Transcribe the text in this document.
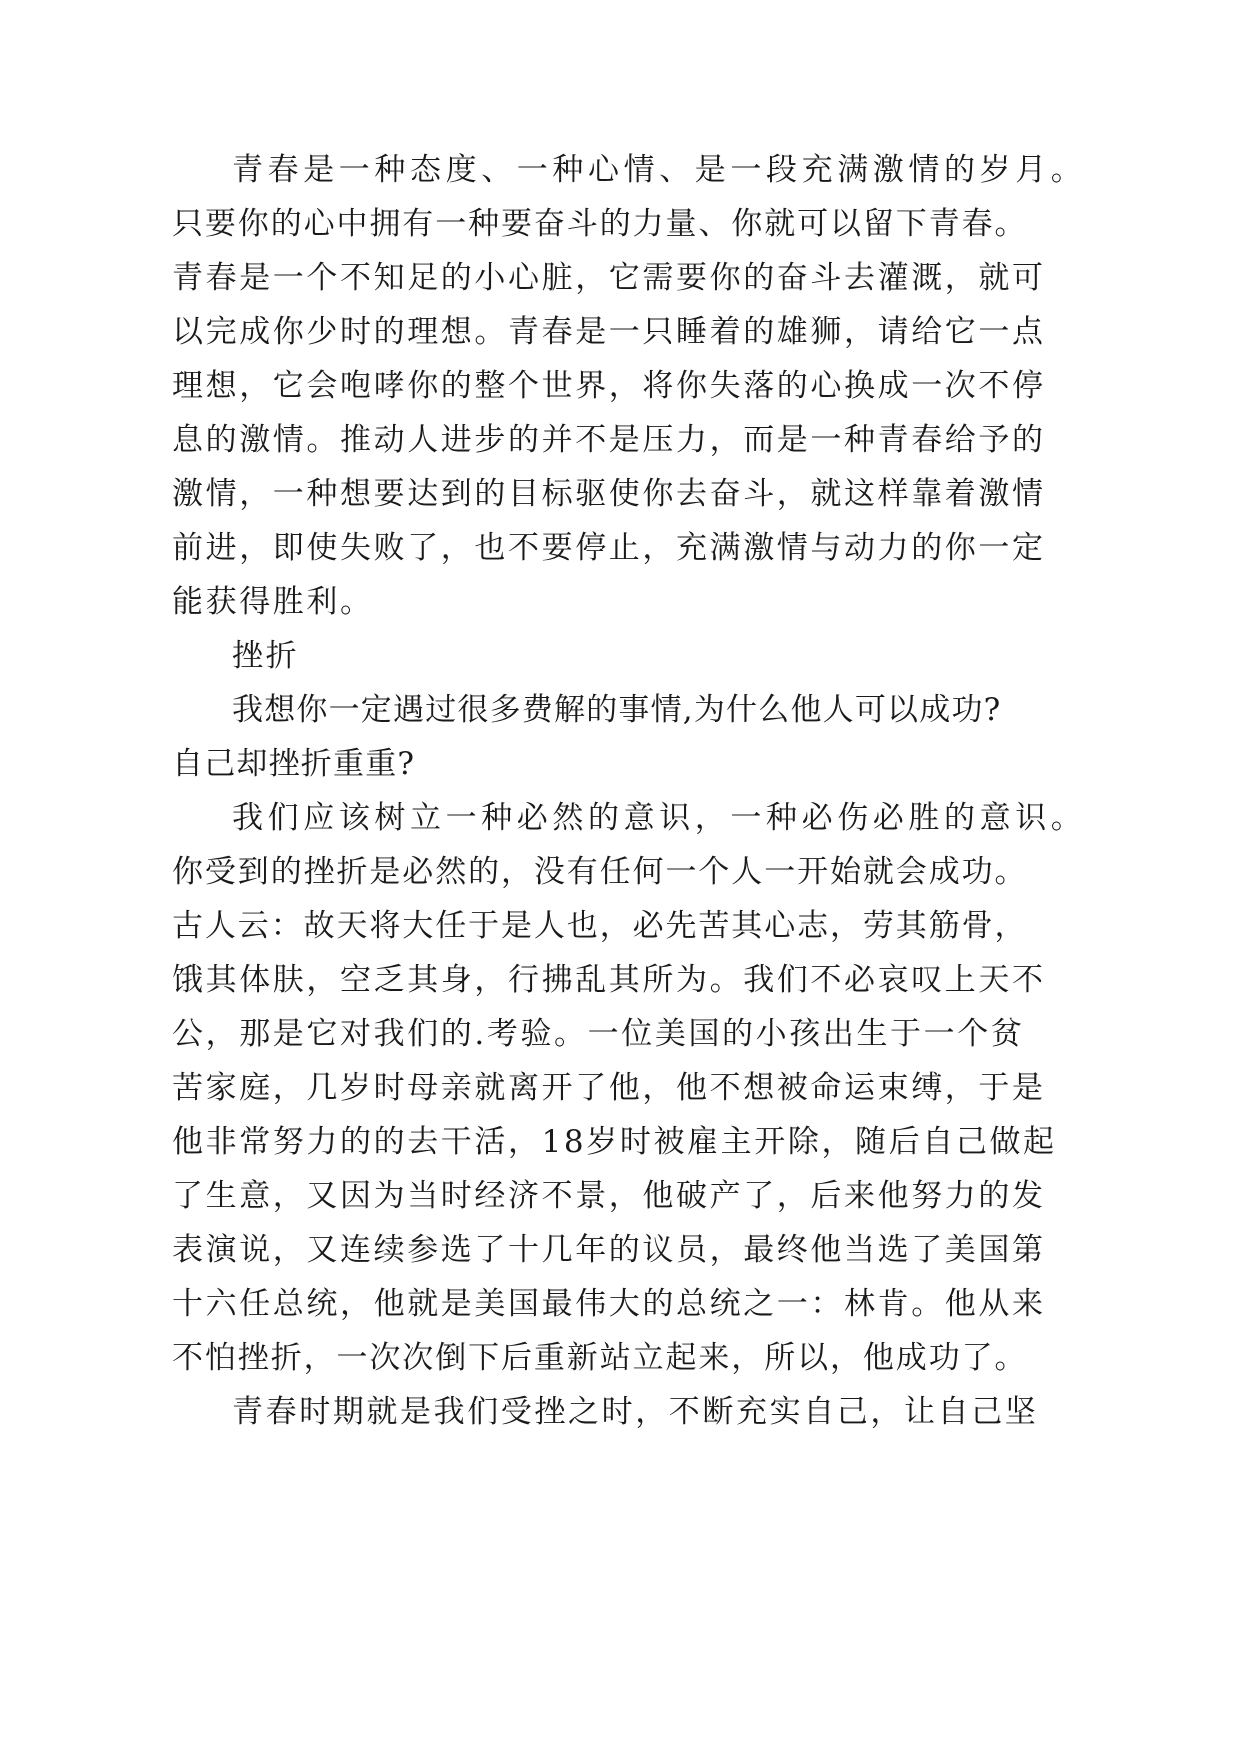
青春是一种态度、一种心情、是一段充满激情的岁月。

只要你的心中拥有一种要奋斗的力量、你就可以留下青春。

青春是一个不知足的小心脏，它需要你的奋斗去灌溉，就可

以完成你少时的理想。青春是一只睡着的雄狮，请给它一点

理想，它会咆哮你的整个世界，将你失落的心换成一次不停

息的激情。推动人进步的并不是压力，而是一种青春给予的

激情，一种想要达到的目标驱使你去奋斗，就这样靠着激情

前进，即使失败了，也不要停止，充满激情与动力的你一定

能获得胜利。

挫折

我想你一定遇过很多费解的事情,为什么他人可以成功?

自己却挫折重重?

我们应该树立一种必然的意识，一种必伤必胜的意识。

你受到的挫折是必然的，没有任何一个人一开始就会成功。

古人云：故天将大任于是人也，必先苦其心志，劳其筋骨，

饿其体肤，空乏其身，行拂乱其所为。我们不必哀叹上天不

公，那是它对我们的.考验。一位美国的小孩出生于一个贫

苦家庭，几岁时母亲就离开了他，他不想被命运束缚，于是

他非常努力的的去干活，18岁时被雇主开除，随后自己做起

了生意，又因为当时经济不景，他破产了，后来他努力的发

表演说，又连续参选了十几年的议员，最终他当选了美国第

十六任总统，他就是美国最伟大的总统之一：林肯。他从来

不怕挫折，一次次倒下后重新站立起来，所以，他成功了。

青春时期就是我们受挫之时，不断充实自己，让自己坚
